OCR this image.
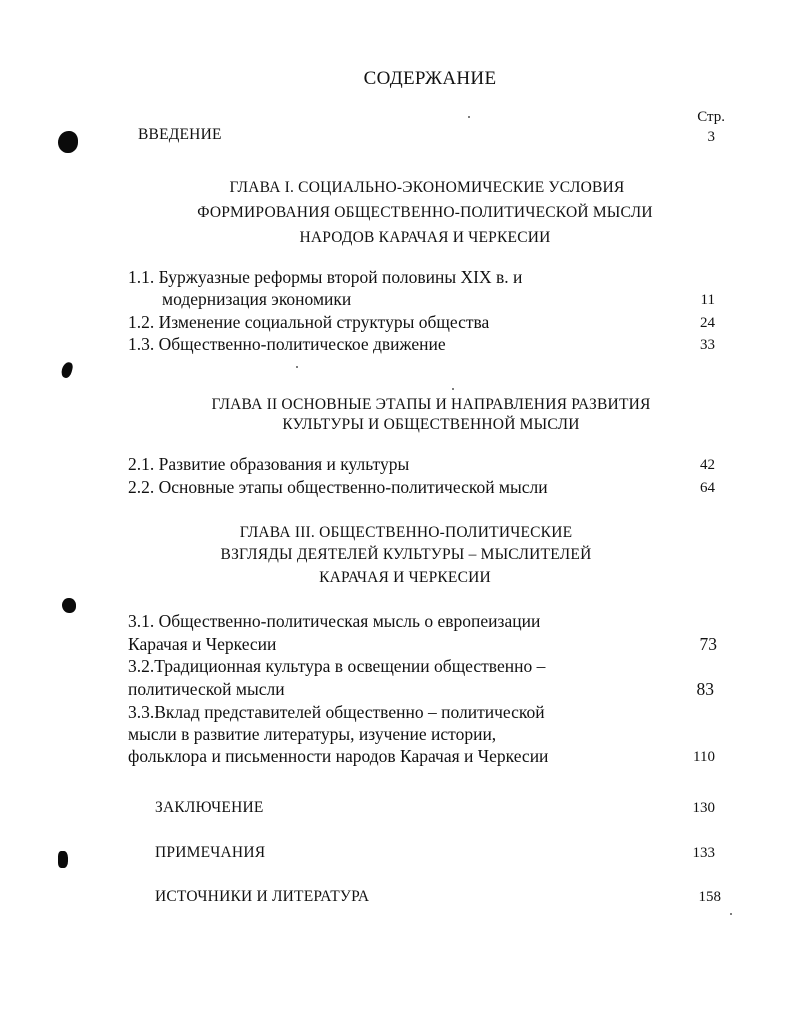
СОДЕРЖАНИЕ
Стр.
ВВЕДЕНИЕ	3
ГЛАВА I. СОЦИАЛЬНО-ЭКОНОМИЧЕСКИЕ УСЛОВИЯ
ФОРМИРОВАНИЯ ОБЩЕСТВЕННО-ПОЛИТИЧЕСКОЙ МЫСЛИ
НАРОДОВ КАРАЧАЯ И ЧЕРКЕСИИ
1.1. Буржуазные реформы второй половины XIX в. и
модернизация экономики	11
1.2. Изменение социальной структуры общества	24
1.3. Общественно-политическое движение	33
ГЛАВА II ОСНОВНЫЕ ЭТАПЫ И НАПРАВЛЕНИЯ РАЗВИТИЯ
КУЛЬТУРЫ И ОБЩЕСТВЕННОЙ МЫСЛИ
2.1. Развитие образования и культуры	42
2.2. Основные этапы общественно-политической мысли	64
ГЛАВА III. ОБЩЕСТВЕННО-ПОЛИТИЧЕСКИЕ
ВЗГЛЯДЫ ДЕЯТЕЛЕЙ КУЛЬТУРЫ – МЫСЛИТЕЛЕЙ
КАРАЧАЯ И ЧЕРКЕСИИ
3.1. Общественно-политическая мысль о европеизации
Карачая и Черкесии	73
3.2.Традиционная культура в освещении общественно –
политической мысли	83
3.3.Вклад представителей общественно – политической
мысли в развитие литературы, изучение истории,
фольклора и письменности народов Карачая и Черкесии	110
ЗАКЛЮЧЕНИЕ	130
ПРИМЕЧАНИЯ	133
ИСТОЧНИКИ И ЛИТЕРАТУРА	158
